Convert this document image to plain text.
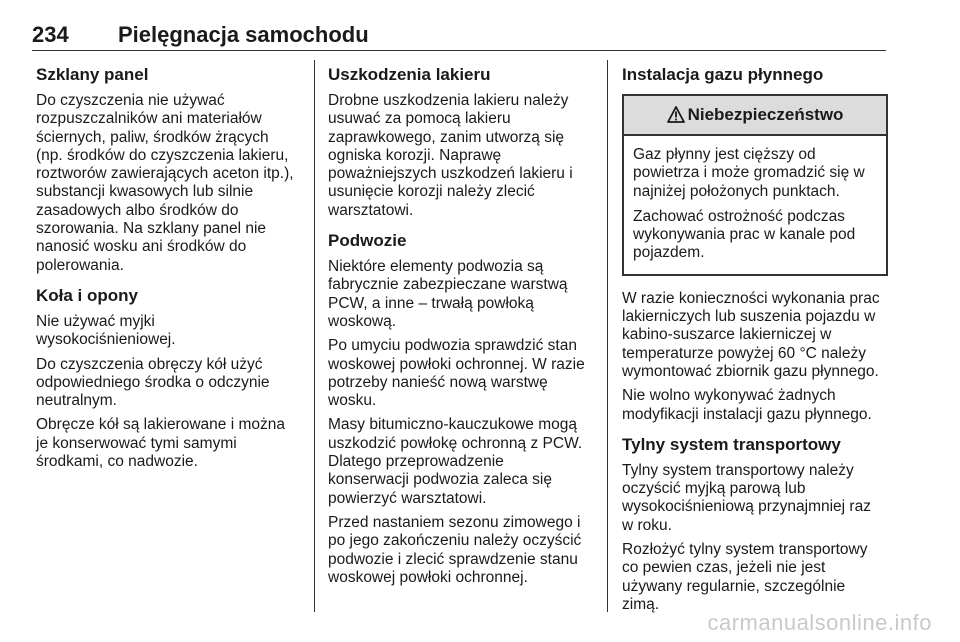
234 Pielęgnacja samochodu
Szklany panel

Do czyszczenia nie używać
rozpuszczalników ani materiałów
ściernych, paliw, środków żrących
(np. środków do czyszczenia lakieru,
roztworów zawierających aceton itp.),
substancji kwasowych lub silnie
zasadowych albo środków do
szorowania. Na szklany panel nie
nanosić wosku ani środków do
polerowania.

Koła i opony

Nie używać myjki
wysokociśnieniowej.

Do czyszczenia obręczy kół użyć
odpowiedniego środka o odczynie
neutralnym.

Obręcze kół są lakierowane i można
je konserwować tymi samymi
środkami, co nadwozie.

Uszkodzenia lakieru

Drobne uszkodzenia lakieru należy
usuwać za pomocą lakieru
zaprawkowego, zanim utworzą się
ogniska korozji. Naprawę
poważniejszych uszkodzeń lakieru i
usunięcie korozji należy zlecić
warsztatowi.

Podwozie

Niektóre elementy podwozia są
fabrycznie zabezpieczane warstwą
PCW, a inne – trwałą powłoką
woskową.

Po umyciu podwozia sprawdzić stan
woskowej powłoki ochronnej. W razie
potrzeby nanieść nową warstwę
wosku.

Masy bitumiczno-kauczukowe mogą
uszkodzić powłokę ochronną z PCW.
Dlatego przeprowadzenie
konserwacji podwozia zaleca się
powierzyć warsztatowi.

Przed nastaniem sezonu zimowego i
po jego zakończeniu należy oczyścić
podwozie i zlecić sprawdzenie stanu
woskowej powłoki ochronnej.

Instalacja gazu płynnego
Niebezpieczeństwo

Gaz płynny jest cięższy od
powietrza i może gromadzić się w
najniżej położonych punktach.

Zachować ostrożność podczas
wykonywania prac w kanale pod
pojazdem.

W razie konieczności wykonania prac
lakierniczych lub suszenia pojazdu w
kabino-suszarce lakierniczej w
temperaturze powyżej 60 °C należy
wymontować zbiornik gazu płynnego.

Nie wolno wykonywać żadnych
modyfikacji instalacji gazu płynnego.

Tylny system transportowy

Tylny system transportowy należy
oczyścić myjką parową lub
wysokociśnieniową przynajmniej raz
w roku.

Rozłożyć tylny system transportowy
co pewien czas, jeżeli nie jest
używany regularnie, szczególnie
zimą.

carmanualsonline.info
